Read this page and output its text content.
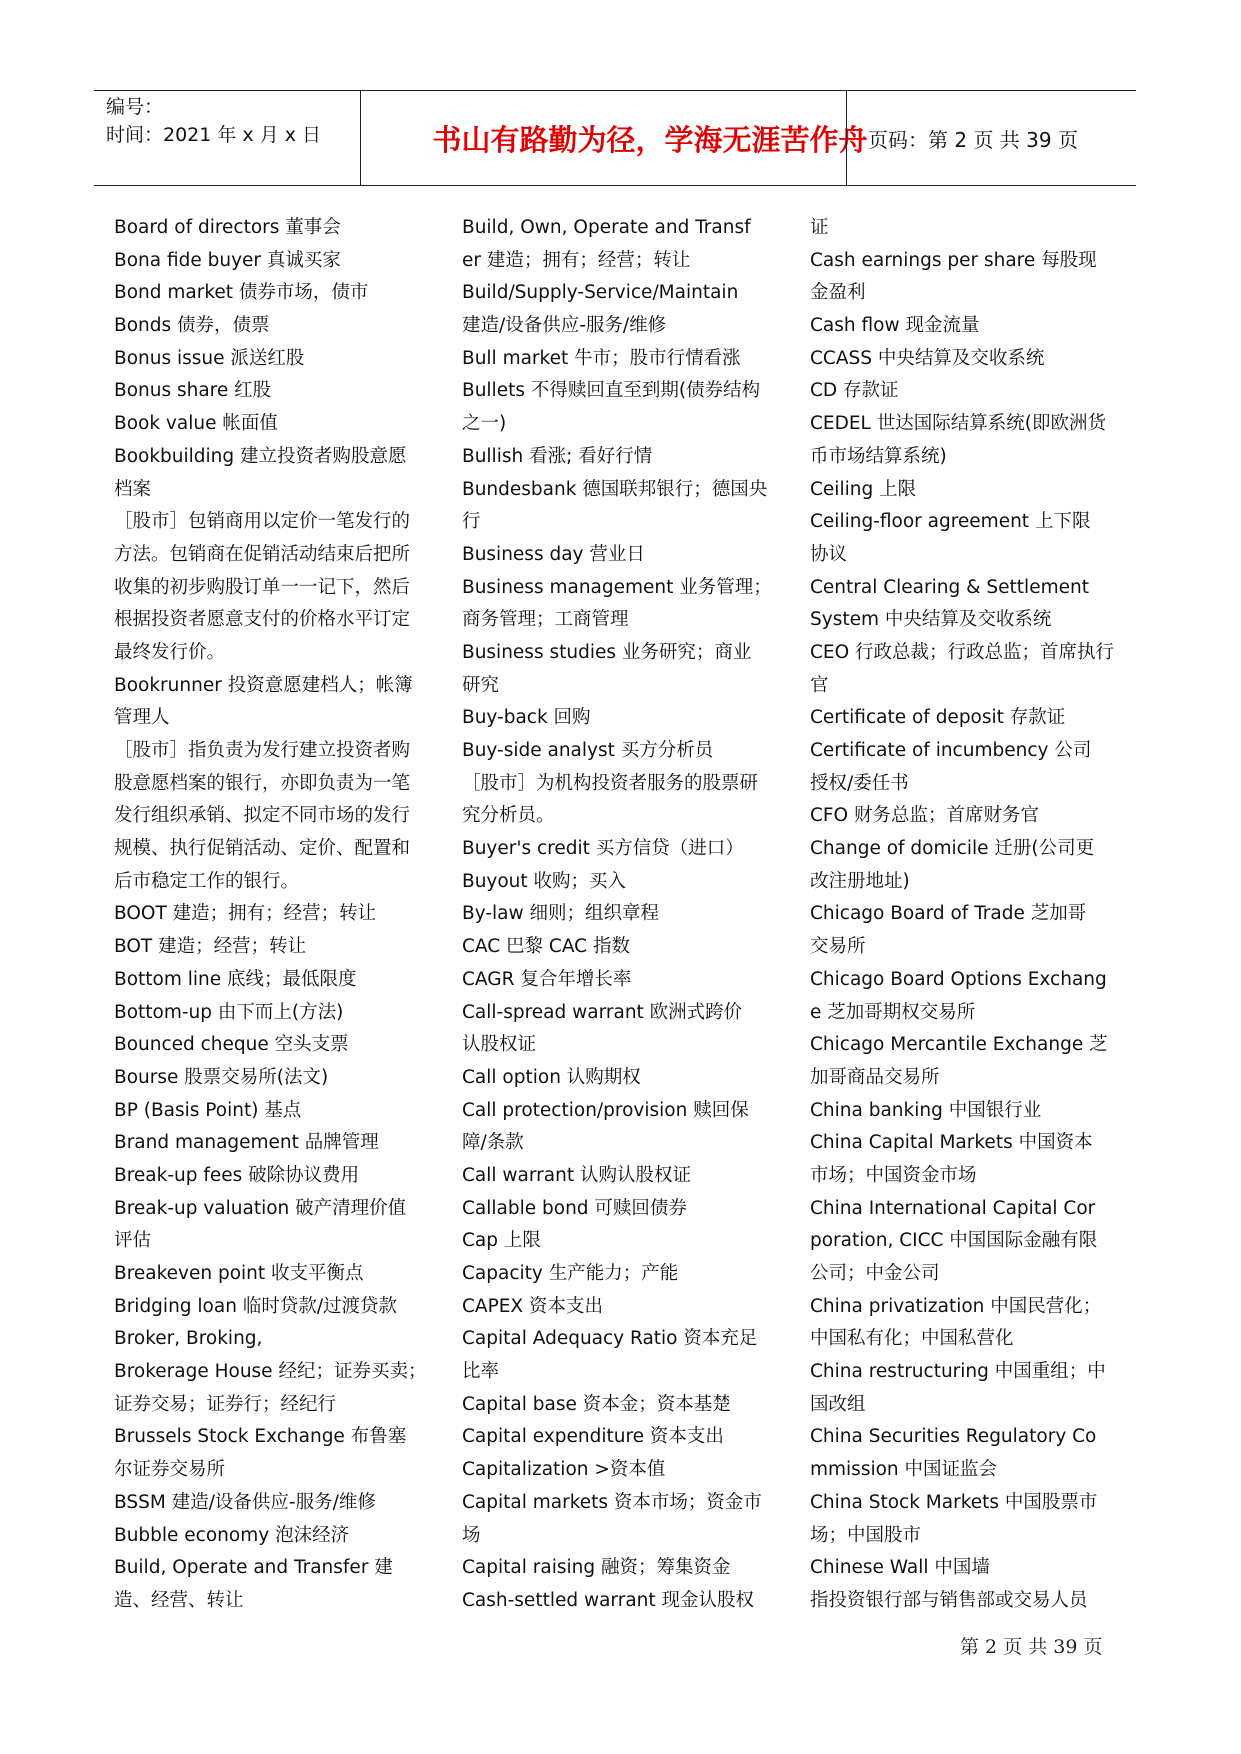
编号：
时间：2021 年 x 月 x 日	书山有路勤为径，学海无涯苦作舟 页码：第 2 页 共 39 页
Board of directors 董事会
Bona fide buyer 真诚买家
Bond market 债券市场，债市
Bonds 债券，债票
Bonus issue 派送红股
Bonus share 红股
Book value 帐面值
Bookbuilding 建立投资者购股意愿
档案
［股市］包销商用以定价一笔发行的
方法。包销商在促销活动结束后把所
收集的初步购股订单一一记下，然后
根据投资者愿意支付的价格水平订定
最终发行价。
Bookrunner 投资意愿建档人；帐簿
管理人
［股市］指负责为发行建立投资者购
股意愿档案的银行，亦即负责为一笔
发行组织承销、拟定不同市场的发行
规模、执行促销活动、定价、配置和
后市稳定工作的银行。
BOOT 建造；拥有；经营；转让
BOT 建造；经营；转让
Bottom line 底线；最低限度
Bottom-up 由下而上(方法)
Bounced cheque 空头支票
Bourse 股票交易所(法文)
BP (Basis Point) 基点
Brand management 品牌管理
Break-up fees 破除协议费用
Break-up valuation 破产清理价值
评估
Breakeven point 收支平衡点
Bridging loan 临时贷款/过渡贷款
Broker, Broking,
Brokerage House 经纪；证券买卖；
证券交易；证券行；经纪行
Brussels Stock Exchange 布鲁塞
尔证券交易所
BSSM 建造/设备供应-服务/维修
Bubble economy 泡沫经济
Build, Operate and Transfer 建
造、经营、转让
Build, Own, Operate and Transf
er 建造；拥有；经营；转让
Build/Supply-Service/Maintain
建造/设备供应-服务/维修
Bull market 牛市；股市行情看涨
Bullets 不得赎回直至到期(债券结构
之一)
Bullish 看涨; 看好行情
Bundesbank 德国联邦银行；德国央
行
Business day 营业日
Business management 业务管理；
商务管理；工商管理
Business studies 业务研究；商业
研究
Buy-back 回购
Buy-side analyst 买方分析员
［股市］为机构投资者服务的股票研
究分析员。
Buyer's credit 买方信贷（进口）
Buyout 收购；买入
By-law 细则；组织章程
CAC 巴黎 CAC 指数
CAGR 复合年增长率
Call-spread warrant 欧洲式跨价
认股权证
Call option 认购期权
Call protection/provision 赎回保
障/条款
Call warrant 认购认股权证
Callable bond 可赎回债券
Cap 上限
Capacity 生产能力；产能
CAPEX 资本支出
Capital Adequacy Ratio 资本充足
比率
Capital base 资本金；资本基楚
Capital expenditure 资本支出
Capitalization >资本值
Capital markets 资本市场；资金市
场
Capital raising 融资；筹集资金
Cash-settled warrant 现金认股权
证
Cash earnings per share 每股现
金盈利
Cash flow 现金流量
CCASS 中央结算及交收系统
CD 存款证
CEDEL 世达国际结算系统(即欧洲货
币市场结算系统)
Ceiling 上限
Ceiling-floor agreement 上下限
协议
Central Clearing & Settlement
System 中央结算及交收系统
CEO 行政总裁；行政总监；首席执行
官
Certificate of deposit 存款证
Certificate of incumbency 公司
授权/委任书
CFO 财务总监；首席财务官
Change of domicile 迁册(公司更
改注册地址)
Chicago Board of Trade 芝加哥
交易所
Chicago Board Options Exchang
e 芝加哥期权交易所
Chicago Mercantile Exchange 芝
加哥商品交易所
China banking 中国银行业
China Capital Markets 中国资本
市场；中国资金市场
China International Capital Cor
poration, CICC 中国国际金融有限
公司；中金公司
China privatization 中国民营化；
中国私有化；中国私营化
China restructuring 中国重组；中
国改组
China Securities Regulatory Co
mmission 中国证监会
China Stock Markets 中国股票市
场；中国股市
Chinese Wall 中国墙
指投资银行部与销售部或交易人员
第 2 页 共 39 页
